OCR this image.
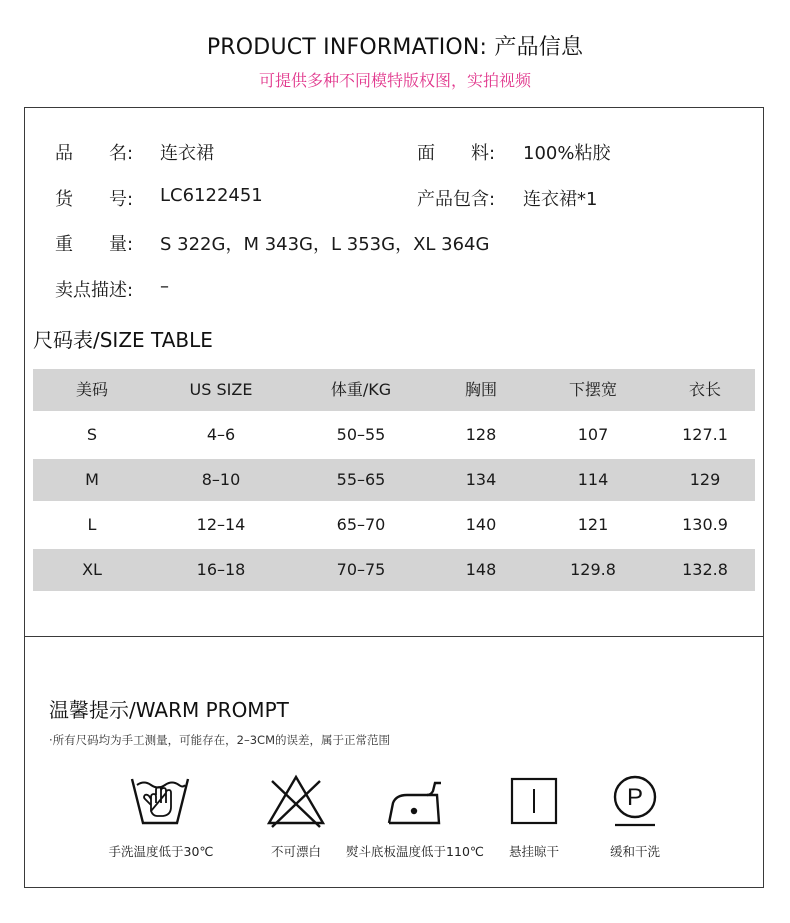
PRODUCT INFORMATION: 产品信息
可提供多种不同模特版权图，实拍视频
品　　名: 连衣裙	面　　料: 100%粘胶
货　　号: LC6122451	产品包含: 连衣裙*1
重　　量: S 322G，M 343G，L 353G，XL 364G
卖点描述: –
尺码表/SIZE TABLE
美码	US SIZE	体重/KG	胸围	下摆宽	衣长
S	4–6	50–55	128	107	127.1
M	8–10	55–65	134	114	129
L	12–14	65–70	140	121	130.9
XL	16–18	70–75	148	129.8	132.8
温馨提示/WARM PROMPT
·所有尺码均为手工测量，可能存在，2–3CM的误差，属于正常范围
P
手洗温度低于30℃	不可漂白	熨斗底板温度低于110℃	悬挂晾干	缓和干洗
